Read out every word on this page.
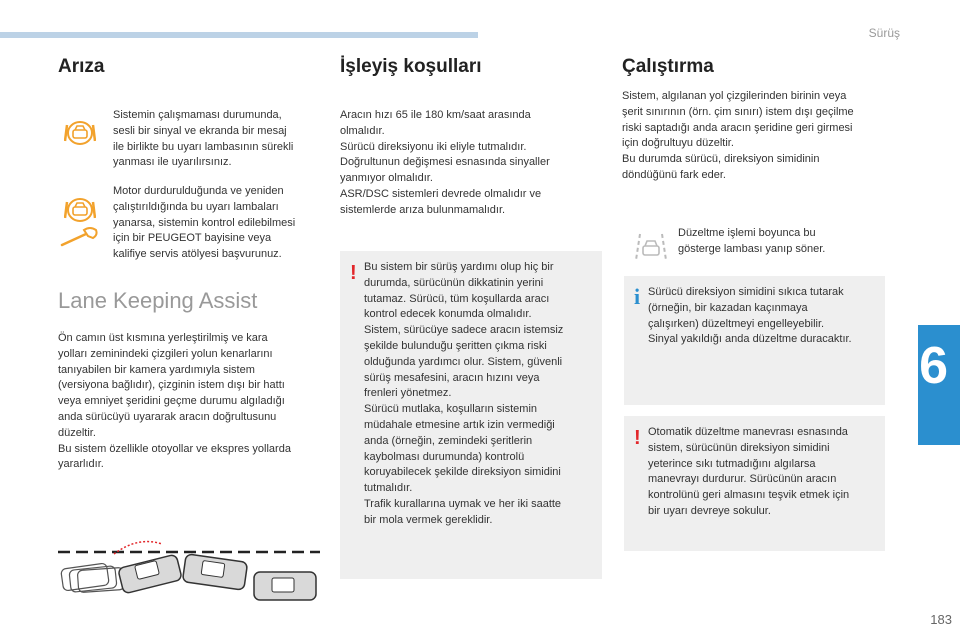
Sürüş
6
183
Arıza

Sistemin çalışmaması durumunda,
sesli bir sinyal ve ekranda bir mesaj
ile birlikte bu uyarı lambasının sürekli
yanması ile uyarılırsınız.

Motor durdurulduğunda ve yeniden
çalıştırıldığında bu uyarı lambaları
yanarsa, sistemin kontrol edilebilmesi
için bir PEUGEOT bayisine veya
kalifiye servis atölyesi başvurunuz.

Lane Keeping Assist

Ön camın üst kısmına yerleştirilmiş ve kara
yolları zeminindeki çizgileri yolun kenarlarını
tanıyabilen bir kamera yardımıyla sistem
(versiyona bağlıdır), çizginin istem dışı bir hattı
veya emniyet şeridini geçme durumu algıladığı
anda sürücüyü uyararak aracın doğrultusunu
düzeltir.
Bu sistem özellikle otoyollar ve ekspres yollarda
yararlıdır.

İşleyiş koşulları

Aracın hızı 65 ile 180 km/saat arasında
olmalıdır.
Sürücü direksiyonu iki eliyle tutmalıdır.
Doğrultunun değişmesi esnasında sinyaller
yanmıyor olmalıdır.
ASR/DSC sistemleri devrede olmalıdır ve
sistemlerde arıza bulunmamalıdır.

! Bu sistem bir sürüş yardımı olup hiç bir
durumda, sürücünün dikkatinin yerini
tutamaz. Sürücü, tüm koşullarda aracı
kontrol edecek konumda olmalıdır.
Sistem, sürücüye sadece aracın istemsiz
şekilde bulunduğu şeritten çıkma riski
olduğunda yardımcı olur. Sistem, güvenli
sürüş mesafesini, aracın hızını veya
frenleri yönetmez.
Sürücü mutlaka, koşulların sistemin
müdahale etmesine artık izin vermediği
anda (örneğin, zemindeki şeritlerin
kaybolması durumunda) kontrolü
koruyabilecek şekilde direksiyon simidini
tutmalıdır.
Trafik kurallarına uymak ve her iki saatte
bir mola vermek gereklidir.

Çalıştırma

Sistem, algılanan yol çizgilerinden birinin veya
şerit sınırının (örn. çim sınırı) istem dışı geçilme
riski saptadığı anda aracın şeridine geri girmesi
için doğrultuyu düzeltir.
Bu durumda sürücü, direksiyon simidinin
döndüğünü fark eder.

Düzeltme işlemi boyunca bu
gösterge lambası yanıp söner.

i Sürücü direksiyon simidini sıkıca tutarak
(örneğin, bir kazadan kaçınmaya
çalışırken) düzeltmeyi engelleyebilir.
Sinyal yakıldığı anda düzeltme duracaktır.

! Otomatik düzeltme manevrası esnasında
sistem, sürücünün direksiyon simidini
yeterince sıkı tutmadığını algılarsa
manevrayı durdurur. Sürücünün aracın
kontrolünü geri almasını teşvik etmek için
bir uyarı devreye sokulur.
